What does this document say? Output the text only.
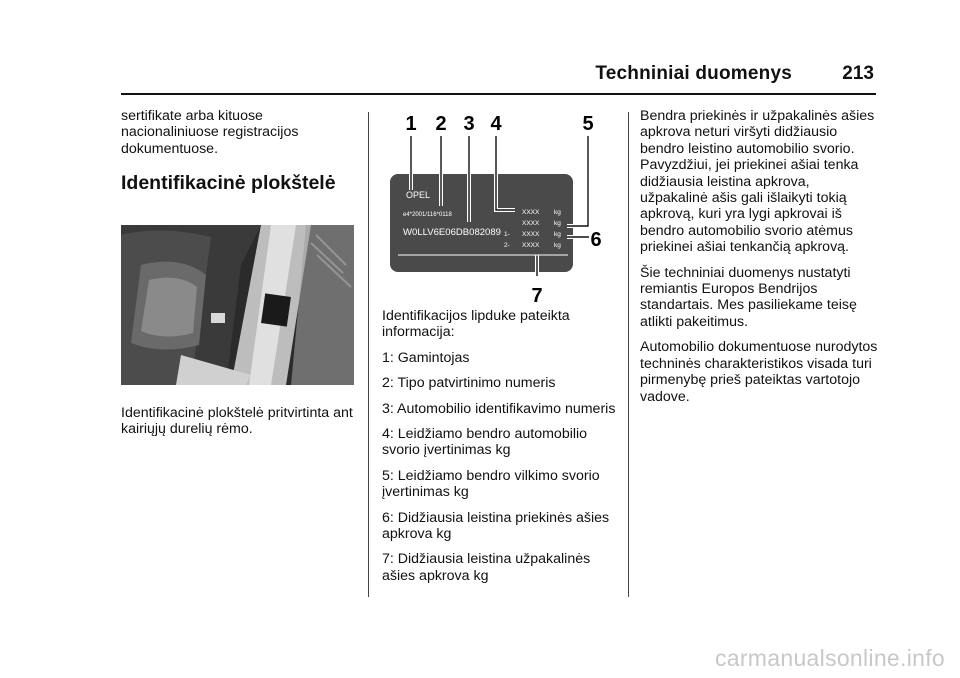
Techniniai duomenys	213

sertifikate arba kituose nacionaliniuose registracijos dokumentuose.

Identifikacinė plokštelė
Identifikacinė plokštelė pritvirtinta ant kairiųjų durelių rėmo.
1 2 3 4	5
6
7
OPEL
e4*2001/116*0118
W0LLV6E06DB082089
XXXX
XXXX
XXXX
XXXX
kg
kg
kg
kg
1-
2-

Identifikacijos lipduke pateikta informacija:

1: Gamintojas

2: Tipo patvirtinimo numeris

3: Automobilio identifikavimo numeris

4: Leidžiamo bendro automobilio svorio įvertinimas kg

5: Leidžiamo bendro vilkimo svorio įvertinimas kg

6: Didžiausia leistina priekinės ašies apkrova kg

7: Didžiausia leistina užpakalinės ašies apkrova kg

Bendra priekinės ir užpakalinės ašies apkrova neturi viršyti didžiausio bendro leistino automobilio svorio. Pavyzdžiui, jei priekinei ašiai tenka didžiausia leistina apkrova, užpakalinė ašis gali išlaikyti tokią apkrovą, kuri yra lygi apkrovai iš bendro automobilio svorio atėmus priekinei ašiai tenkančią apkrovą.

Šie techniniai duomenys nustatyti remiantis Europos Bendrijos standartais. Mes pasiliekame teisę atlikti pakeitimus.

Automobilio dokumentuose nurodytos techninės charakteristikos visada turi pirmenybę prieš pateiktas vartotojo vadove.

carmanualsonline.info
